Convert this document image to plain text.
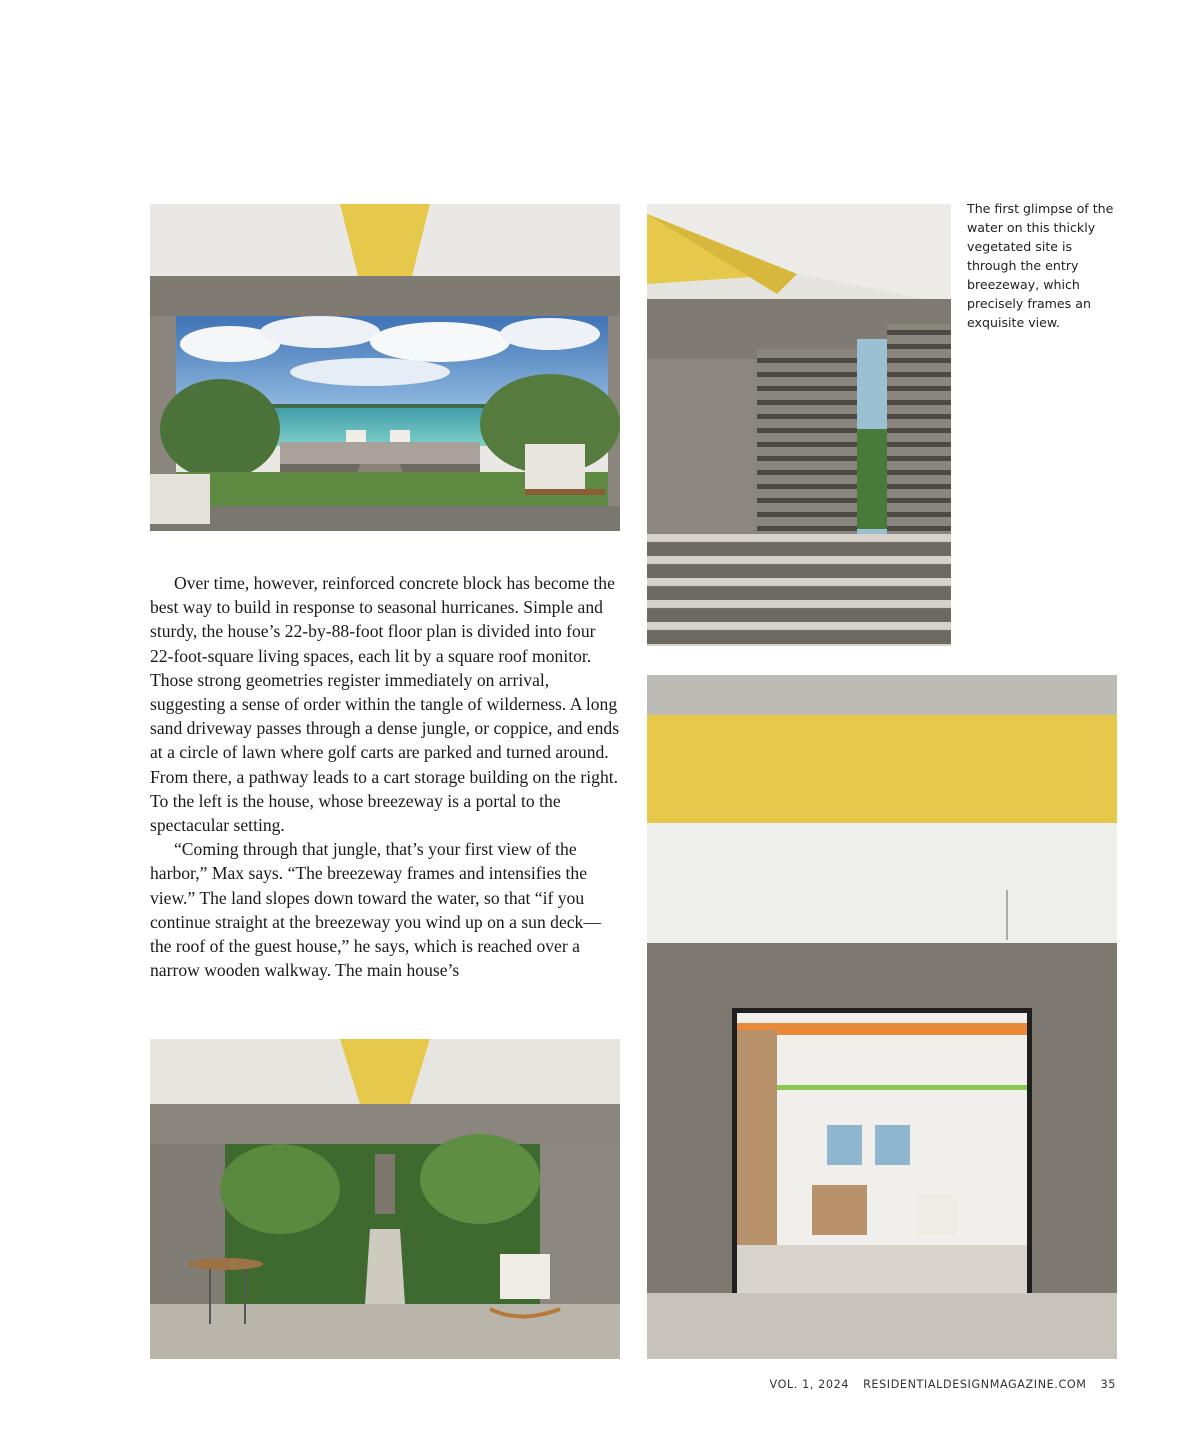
The first glimpse of the water on this thickly vegetated site is through the entry breezeway, which precisely frames an exquisite view.

Over time, however, reinforced concrete block has become the best way to build in response to seasonal hurricanes. Simple and sturdy, the house’s 22-by-88-foot floor plan is divided into four 22-foot-square living spaces, each lit by a square roof monitor. Those strong geometries register immediately on arrival, suggesting a sense of order within the tangle of wilderness. A long sand driveway passes through a dense jungle, or coppice, and ends at a circle of lawn where golf carts are parked and turned around. From there, a pathway leads to a cart storage building on the right. To the left is the house, whose breezeway is a portal to the spectacular setting.

“Coming through that jungle, that’s your first view of the harbor,” Max says. “The breezeway frames and intensifies the view.” The land slopes down toward the water, so that “if you continue straight at the breezeway you wind up on a sun deck—the roof of the guest house,” he says, which is reached over a narrow wooden walkway. The main house’s

VOL. 1, 2024 RESIDENTIALDESIGNMAGAZINE.COM 35
